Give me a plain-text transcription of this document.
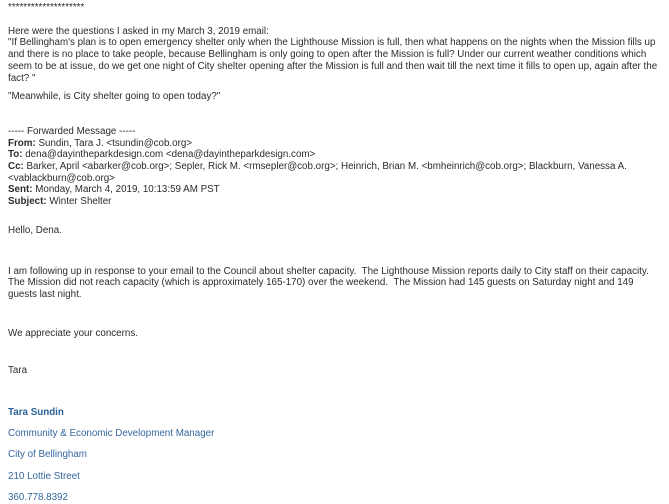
********************
Here were the questions I asked in my March 3, 2019 email:
"If Bellingham's plan is to open emergency shelter only when the Lighthouse Mission is full, then what happens on the nights when the Mission fills up and there is no place to take people, because Bellingham is only going to open after the Mission is full? Under our current weather conditions which seem to be at issue, do we get one night of City shelter opening after the Mission is full and then wait till the next time it fills to open up, again after the fact? "
"Meanwhile, is City shelter going to open today?"
----- Forwarded Message -----
From: Sundin, Tara J. <tsundin@cob.org>
To: dena@dayintheparkdesign.com <dena@dayintheparkdesign.com>
Cc: Barker, April <abarker@cob.org>; Sepler, Rick M. <rmsepler@cob.org>; Heinrich, Brian M. <bmheinrich@cob.org>; Blackburn, Vanessa A. <vablackburn@cob.org>
Sent: Monday, March 4, 2019, 10:13:59 AM PST
Subject: Winter Shelter
Hello, Dena.
I am following up in response to your email to the Council about shelter capacity.  The Lighthouse Mission reports daily to City staff on their capacity.  The Mission did not reach capacity (which is approximately 165-170) over the weekend.  The Mission had 145 guests on Saturday night and 149 guests last night.
We appreciate your concerns.
Tara

Tara Sundin

Community & Economic Development Manager

City of Bellingham

210 Lottie Street

360.778.8392
